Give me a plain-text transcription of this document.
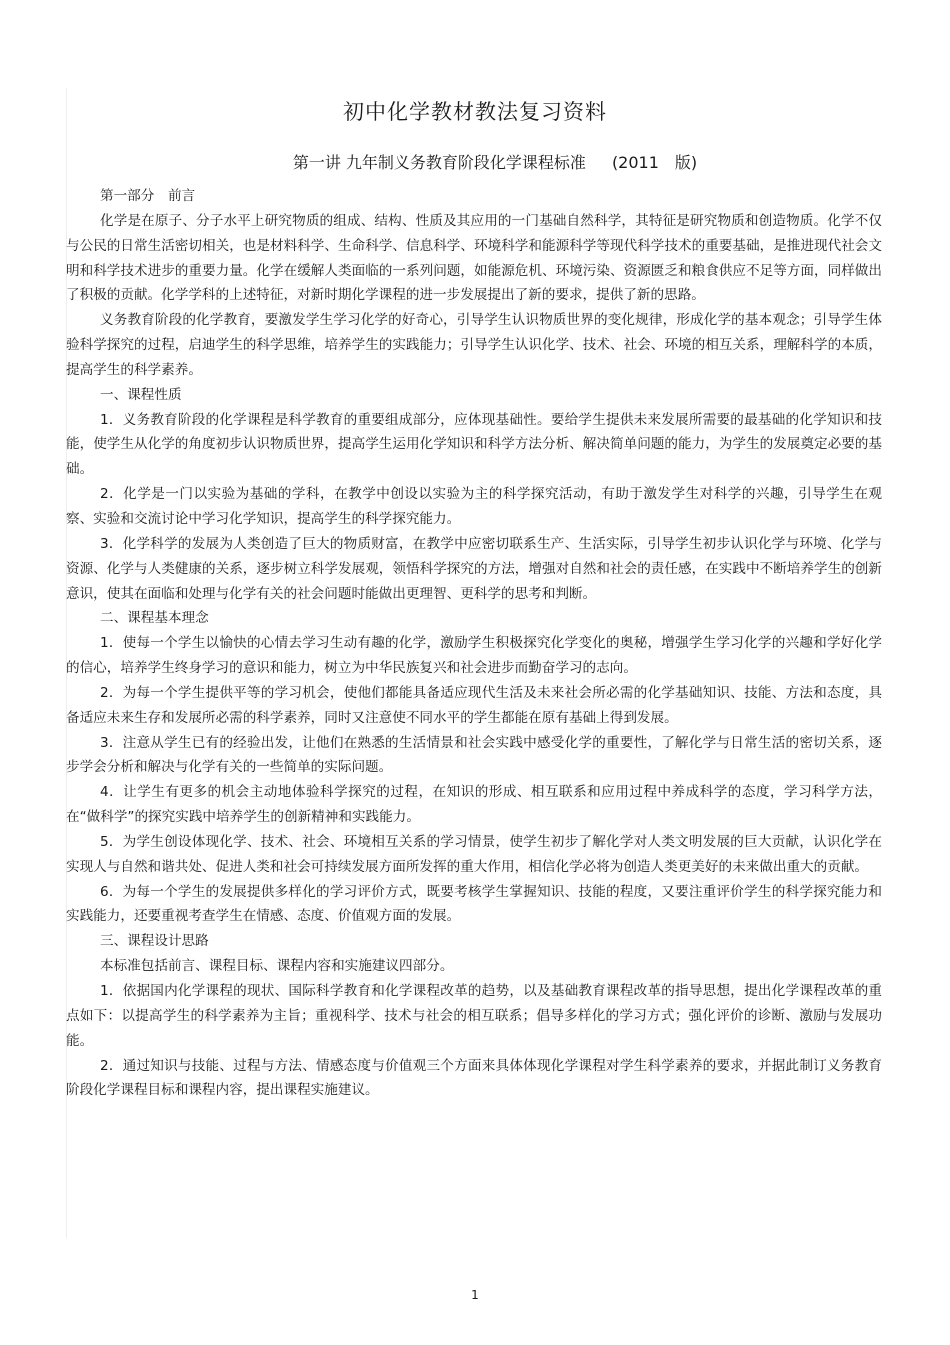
初中化学教材教法复习资料
第一讲 九年制义务教育阶段化学课程标准 (2011　版)

第一部分　前言

化学是在原子、分子水平上研究物质的组成、结构、性质及其应用的一门基础自然科学，其特征是研究物质和创造物质。化学不仅与公民的日常生活密切相关，也是材料科学、生命科学、信息科学、环境科学和能源科学等现代科学技术的重要基础，是推进现代社会文明和科学技术进步的重要力量。化学在缓解人类面临的一系列问题，如能源危机、环境污染、资源匮乏和粮食供应不足等方面，同样做出了积极的贡献。化学学科的上述特征，对新时期化学课程的进一步发展提出了新的要求，提供了新的思路。

义务教育阶段的化学教育，要激发学生学习化学的好奇心，引导学生认识物质世界的变化规律，形成化学的基本观念；引导学生体验科学探究的过程，启迪学生的科学思维，培养学生的实践能力；引导学生认识化学、技术、社会、环境的相互关系，理解科学的本质，提高学生的科学素养。

一、课程性质

1．义务教育阶段的化学课程是科学教育的重要组成部分，应体现基础性。要给学生提供未来发展所需要的最基础的化学知识和技能，使学生从化学的角度初步认识物质世界，提高学生运用化学知识和科学方法分析、解决简单问题的能力，为学生的发展奠定必要的基础。

2．化学是一门以实验为基础的学科，在教学中创设以实验为主的科学探究活动，有助于激发学生对科学的兴趣，引导学生在观察、实验和交流讨论中学习化学知识，提高学生的科学探究能力。

3．化学科学的发展为人类创造了巨大的物质财富，在教学中应密切联系生产、生活实际，引导学生初步认识化学与环境、化学与资源、化学与人类健康的关系，逐步树立科学发展观，领悟科学探究的方法，增强对自然和社会的责任感，在实践中不断培养学生的创新意识，使其在面临和处理与化学有关的社会问题时能做出更理智、更科学的思考和判断。

二、课程基本理念

1．使每一个学生以愉快的心情去学习生动有趣的化学，激励学生积极探究化学变化的奥秘，增强学生学习化学的兴趣和学好化学的信心，培养学生终身学习的意识和能力，树立为中华民族复兴和社会进步而勤奋学习的志向。

2．为每一个学生提供平等的学习机会，使他们都能具备适应现代生活及未来社会所必需的化学基础知识、技能、方法和态度，具备适应未来生存和发展所必需的科学素养，同时又注意使不同水平的学生都能在原有基础上得到发展。

3．注意从学生已有的经验出发，让他们在熟悉的生活情景和社会实践中感受化学的重要性，了解化学与日常生活的密切关系，逐步学会分析和解决与化学有关的一些简单的实际问题。

4．让学生有更多的机会主动地体验科学探究的过程，在知识的形成、相互联系和应用过程中养成科学的态度，学习科学方法，在“做科学”的探究实践中培养学生的创新精神和实践能力。

5．为学生创设体现化学、技术、社会、环境相互关系的学习情景，使学生初步了解化学对人类文明发展的巨大贡献，认识化学在实现人与自然和谐共处、促进人类和社会可持续发展方面所发挥的重大作用，相信化学必将为创造人类更美好的未来做出重大的贡献。

6．为每一个学生的发展提供多样化的学习评价方式，既要考核学生掌握知识、技能的程度，又要注重评价学生的科学探究能力和实践能力，还要重视考查学生在情感、态度、价值观方面的发展。

三、课程设计思路

本标准包括前言、课程目标、课程内容和实施建议四部分。

1．依据国内化学课程的现状、国际科学教育和化学课程改革的趋势，以及基础教育课程改革的指导思想，提出化学课程改革的重点如下：以提高学生的科学素养为主旨；重视科学、技术与社会的相互联系；倡导多样化的学习方式；强化评价的诊断、激励与发展功能。

2．通过知识与技能、过程与方法、情感态度与价值观三个方面来具体体现化学课程对学生科学素养的要求，并据此制订义务教育阶段化学课程目标和课程内容，提出课程实施建议。

1
